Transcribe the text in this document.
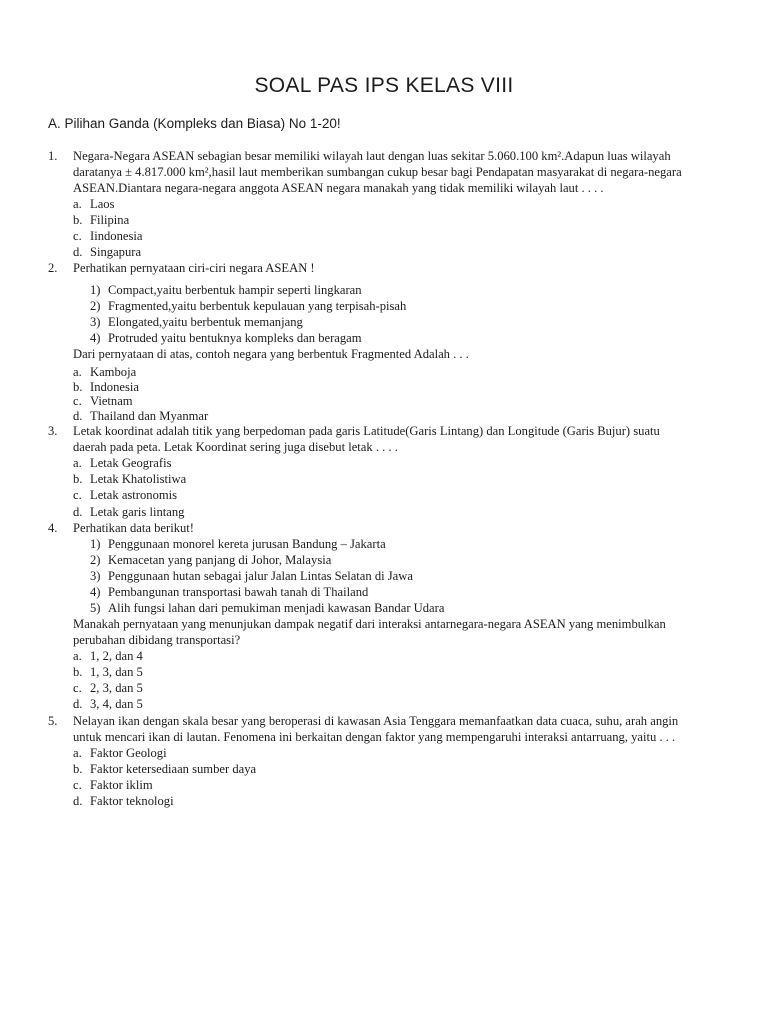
SOAL PAS IPS KELAS VIII

A. Pilihan Ganda (Kompleks dan Biasa) No 1-20!

1. Negara-Negara ASEAN sebagian besar memiliki wilayah laut dengan luas sekitar 5.060.100 km².Adapun luas wilayah daratanya ± 4.817.000 km²,hasil laut memberikan sumbangan cukup besar bagi Pendapatan masyarakat di negara-negara ASEAN.Diantara negara-negara anggota ASEAN negara manakah yang tidak memiliki wilayah laut . . . .
a. Laos
b. Filipina
c. Iindonesia
d. Singapura
2. Perhatikan pernyataan ciri-ciri negara ASEAN !
1) Compact,yaitu berbentuk hampir seperti lingkaran
2) Fragmented,yaitu berbentuk kepulauan yang terpisah-pisah
3) Elongated,yaitu berbentuk memanjang
4) Protruded yaitu bentuknya kompleks dan beragam
Dari pernyataan di atas, contoh negara yang berbentuk Fragmented Adalah . . .
a. Kamboja
b. Indonesia
c. Vietnam
d. Thailand dan Myanmar
3. Letak koordinat adalah titik yang berpedoman pada garis Latitude(Garis Lintang) dan Longitude (Garis Bujur) suatu daerah pada peta. Letak Koordinat sering juga disebut letak . . . .
a. Letak Geografis
b. Letak Khatolistiwa
c. Letak astronomis
d. Letak garis lintang
4. Perhatikan data berikut!
1) Penggunaan monorel kereta jurusan Bandung – Jakarta
2) Kemacetan yang panjang di Johor, Malaysia
3) Penggunaan hutan sebagai jalur Jalan Lintas Selatan di Jawa
4) Pembangunan transportasi bawah tanah di Thailand
5) Alih fungsi lahan dari pemukiman menjadi kawasan Bandar Udara
Manakah pernyataan yang menunjukan dampak negatif dari interaksi antarnegara-negara ASEAN yang menimbulkan perubahan dibidang transportasi?
a. 1, 2, dan 4
b. 1, 3, dan 5
c. 2, 3, dan 5
d. 3, 4, dan 5
5. Nelayan ikan dengan skala besar yang beroperasi di kawasan Asia Tenggara memanfaatkan data cuaca, suhu, arah angin untuk mencari ikan di lautan. Fenomena ini berkaitan dengan faktor yang mempengaruhi interaksi antarruang, yaitu . . .
a. Faktor Geologi
b. Faktor ketersediaan sumber daya
c. Faktor iklim
d. Faktor teknologi
